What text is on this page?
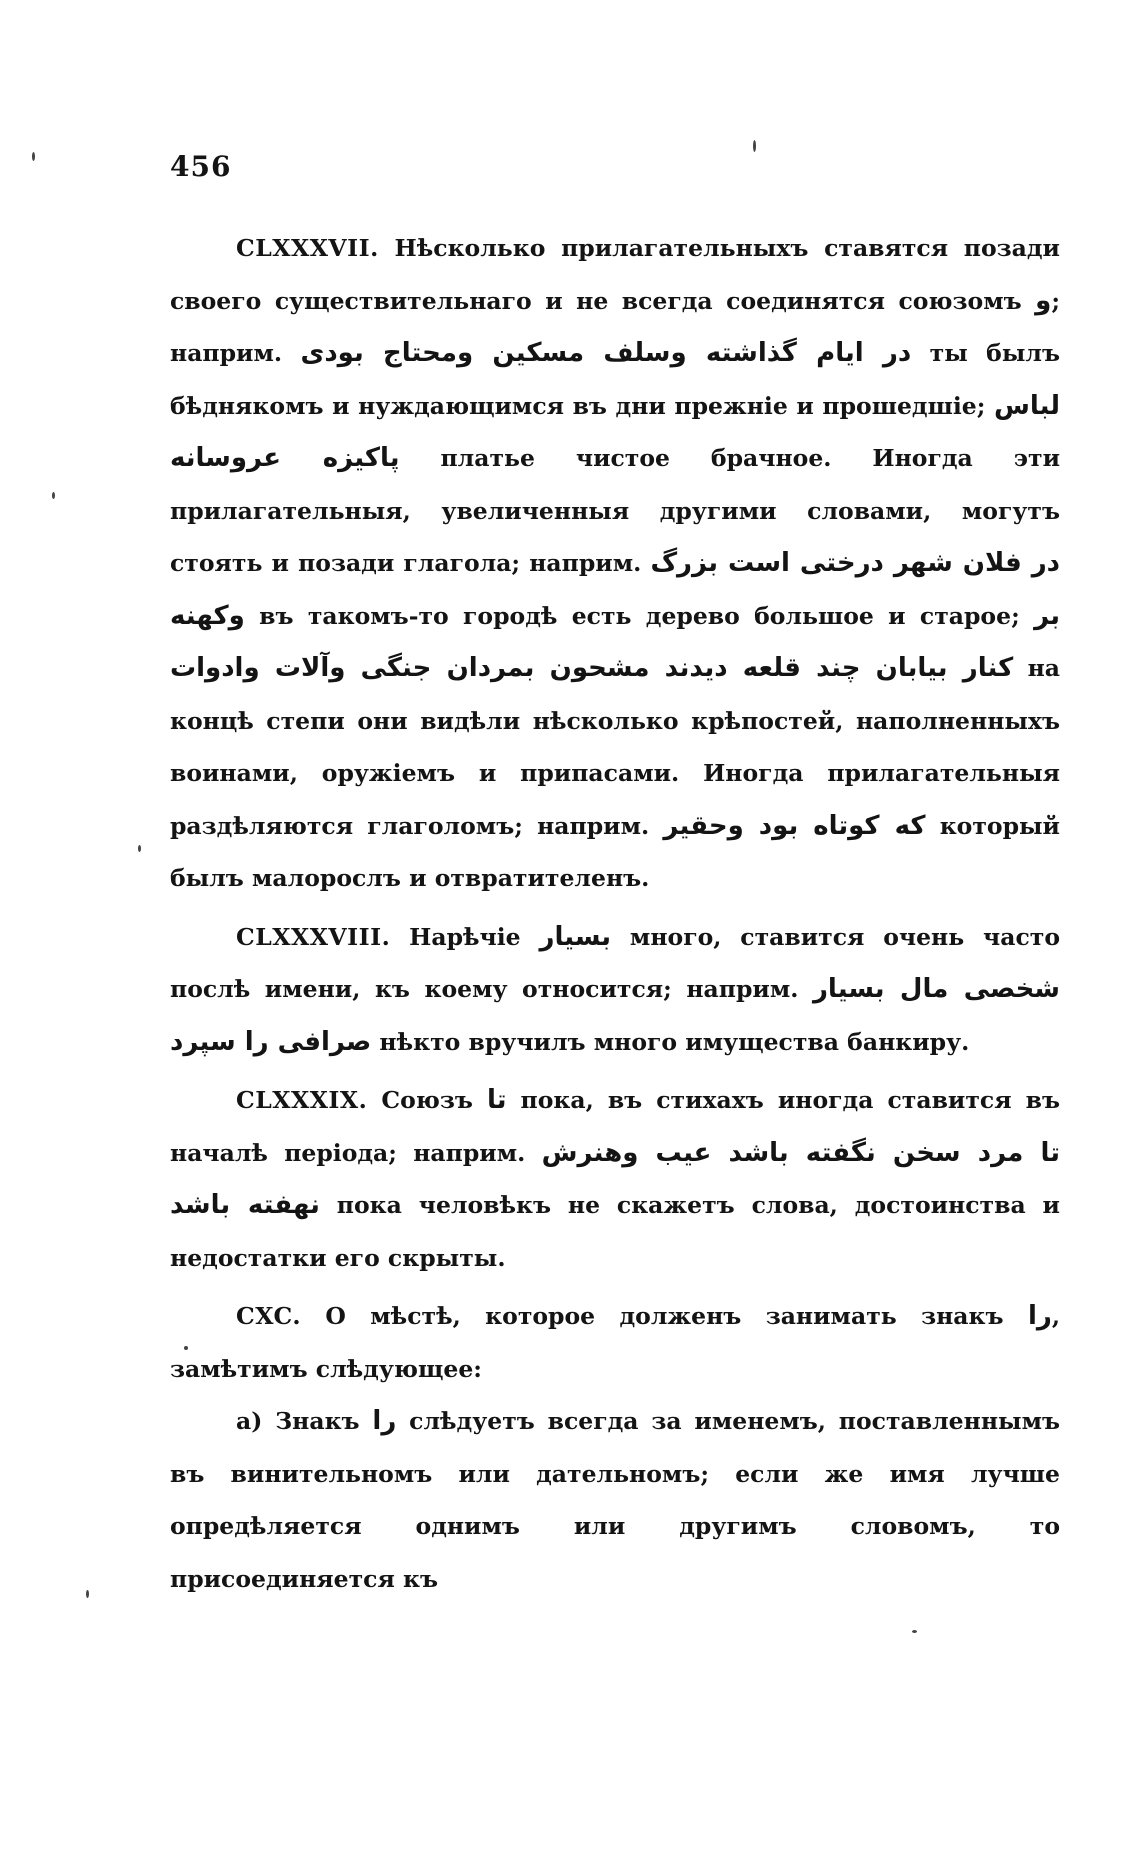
456

CLXXXVII. Нѣсколько прилагательныхъ ставятся позади своего существительнаго и не всегда соединятся союзомъ و; наприм. در ایام گذاشته وسلف مسکین ومحتاج بودی ты былъ бѣднякомъ и нуждающимся въ дни прежніе и прошедшіе; لباس پاکیزه عروسانه платье чистое брачное. Иногда эти прилагательныя, увеличенныя другими словами, могутъ стоять и позади глагола; наприм. در فلان شهر درختی است بزرگ وکهنه въ такомъ-то городѣ есть дерево большое и старое; بر کنار بیابان چند قلعه دیدند مشحون بمردان جنگی وآلات وادوات на концѣ степи они видѣли нѣсколько крѣпостей, наполненныхъ воинами, оружіемъ и припасами. Иногда прилагательныя раздѣляются глаголомъ; наприм. که کوتاه بود وحقیر который былъ малорослъ и отвратителенъ.

CLXXXVIII. Нарѣчіе بسیار много, ставится очень часто послѣ имени, къ коему относится; наприм. شخصی مال بسیار صرافی را سپرد нѣкто вручилъ много имущества банкиру.

CLXXXIX. Союзъ تا пока, въ стихахъ иногда ставится въ началѣ періода; наприм. تا مرد سخن نگفته باشد عیب وهنرش نهفته باشد пока человѣкъ не скажетъ слова, достоинства и недостатки его скрыты.

CXC. О мѣстѣ, которое долженъ занимать знакъ را, замѣтимъ слѣдующее:

a) Знакъ را слѣдуетъ всегда за именемъ, поставленнымъ въ винительномъ или дательномъ; если же имя лучше опредѣляется однимъ или другимъ словомъ, то присоединяется къ
